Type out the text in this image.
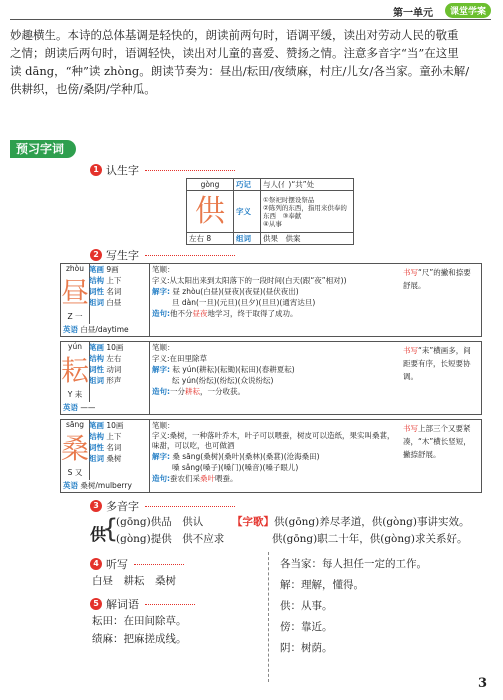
第一单元	课堂学案
妙趣横生。本诗的总体基调是轻快的，朗读前两句时，语调平缓，读出对劳动人民的敬重
之情；朗读后两句时，语调轻快，读出对儿童的喜爱、赞扬之情。注意多音字“当”在这里
读 dāng，“种”读 zhòng。朗读节奏为：昼出/耘田/夜绩麻，村庄/儿女/各当家。童孙未解/
供耕织，也傍/桑阴/学种瓜。
预习字词
1 认生字
gòng	巧记	与人(亻)“共”处

供	字义	①祭祀时摆设祭品
②陈列的东西，指用来供奉的
东西　③奉献
④从事

左右 8	组词	供果　供案
2 写生字
zhòu
昼
Z 一
笔画 9画
结构 上下
词性 名词
组词 白昼
英语 白昼/daytime
笔顺：
字义:从太阳出来到太阳落下的一段时间(白天(跟“夜”相对))
解字: 昼 zhòu(白昼)(昼夜)(夜昼)(昼伏夜出)
旦 dàn(一旦)(元旦)(旦夕)(旦旦)(通宵达旦)
造句:他不分昼夜地学习，终于取得了成功。
书写“尺”的撇和捺要舒展。
yún
耘
Y 耒
笔画 10画
结构 左右
词性 动词
组词 形声
英语 ——
笔顺：
字义:在田里除草
解字: 耘 yún(耕耘)(耘锄)(耘田)(春耕夏耘)
纭 yún(纷纭)(纷纭)(众说纷纭)
造句:一分耕耘，一分收获。
书写“耒”横画多，间距要有序，长短要协调。
sāng
桑
S 又
笔画 10画
结构 上下
词性 名词
组词 桑树
英语 桑树/mulberry
笔顺：
字义:桑树，一种落叶乔木，叶子可以喂蚕，树皮可以造纸，果实叫桑葚，味甜，可以吃，也可做酒
解字: 桑 sāng(桑树)(桑叶)(桑林)(桑葚)(沧海桑田)
嗓 sǎng(嗓子)(嗓门)(嗓音)(嗓子眼儿)
造句:蚕农们采桑叶喂蚕。
书写上部三个又要紧凑，“木”横长竖短，撇捺舒展。
3 多音字
供
{
(gōng)供品　供认
(gòng)提供　供不应求
【字歌】供(gōng)养尽孝道，供(gòng)事讲实效。
供(gōng)职二十年，供(gòng)求关系好。
4 听写
白昼　耕耘　桑树
5 解词语
耘田：在田间除草。
绩麻：把麻搓成线。
各当家：每人担任一定的工作。
解：理解，懂得。
供：从事。
傍：靠近。
阴：树荫。
3
